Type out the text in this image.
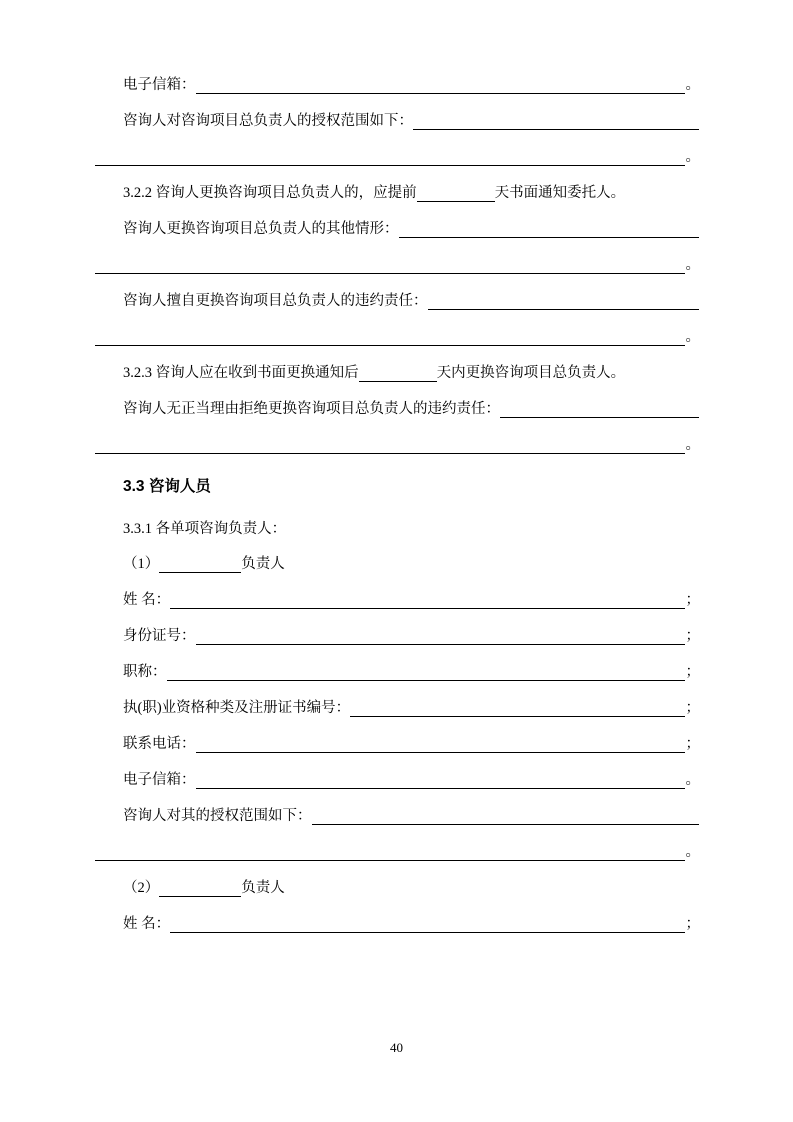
电子信箱：	。
咨询人对咨询项目总负责人的授权范围如下：
。
3.2.2 咨询人更换咨询项目总负责人的，应提前	天书面通知委托人。
咨询人更换咨询项目总负责人的其他情形：
。
咨询人擅自更换咨询项目总负责人的违约责任：
。
3.2.3 咨询人应在收到书面更换通知后	天内更换咨询项目总负责人。
咨询人无正当理由拒绝更换咨询项目总负责人的违约责任：
。
3.3 咨询人员
3.3.1 各单项咨询负责人：
（1）	负责人
姓 名：	；
身份证号：	；
职称：	；
执(职)业资格种类及注册证书编号：	；
联系电话：	；
电子信箱：	。
咨询人对其的授权范围如下：
。
（2）	负责人
姓 名：	；
40
